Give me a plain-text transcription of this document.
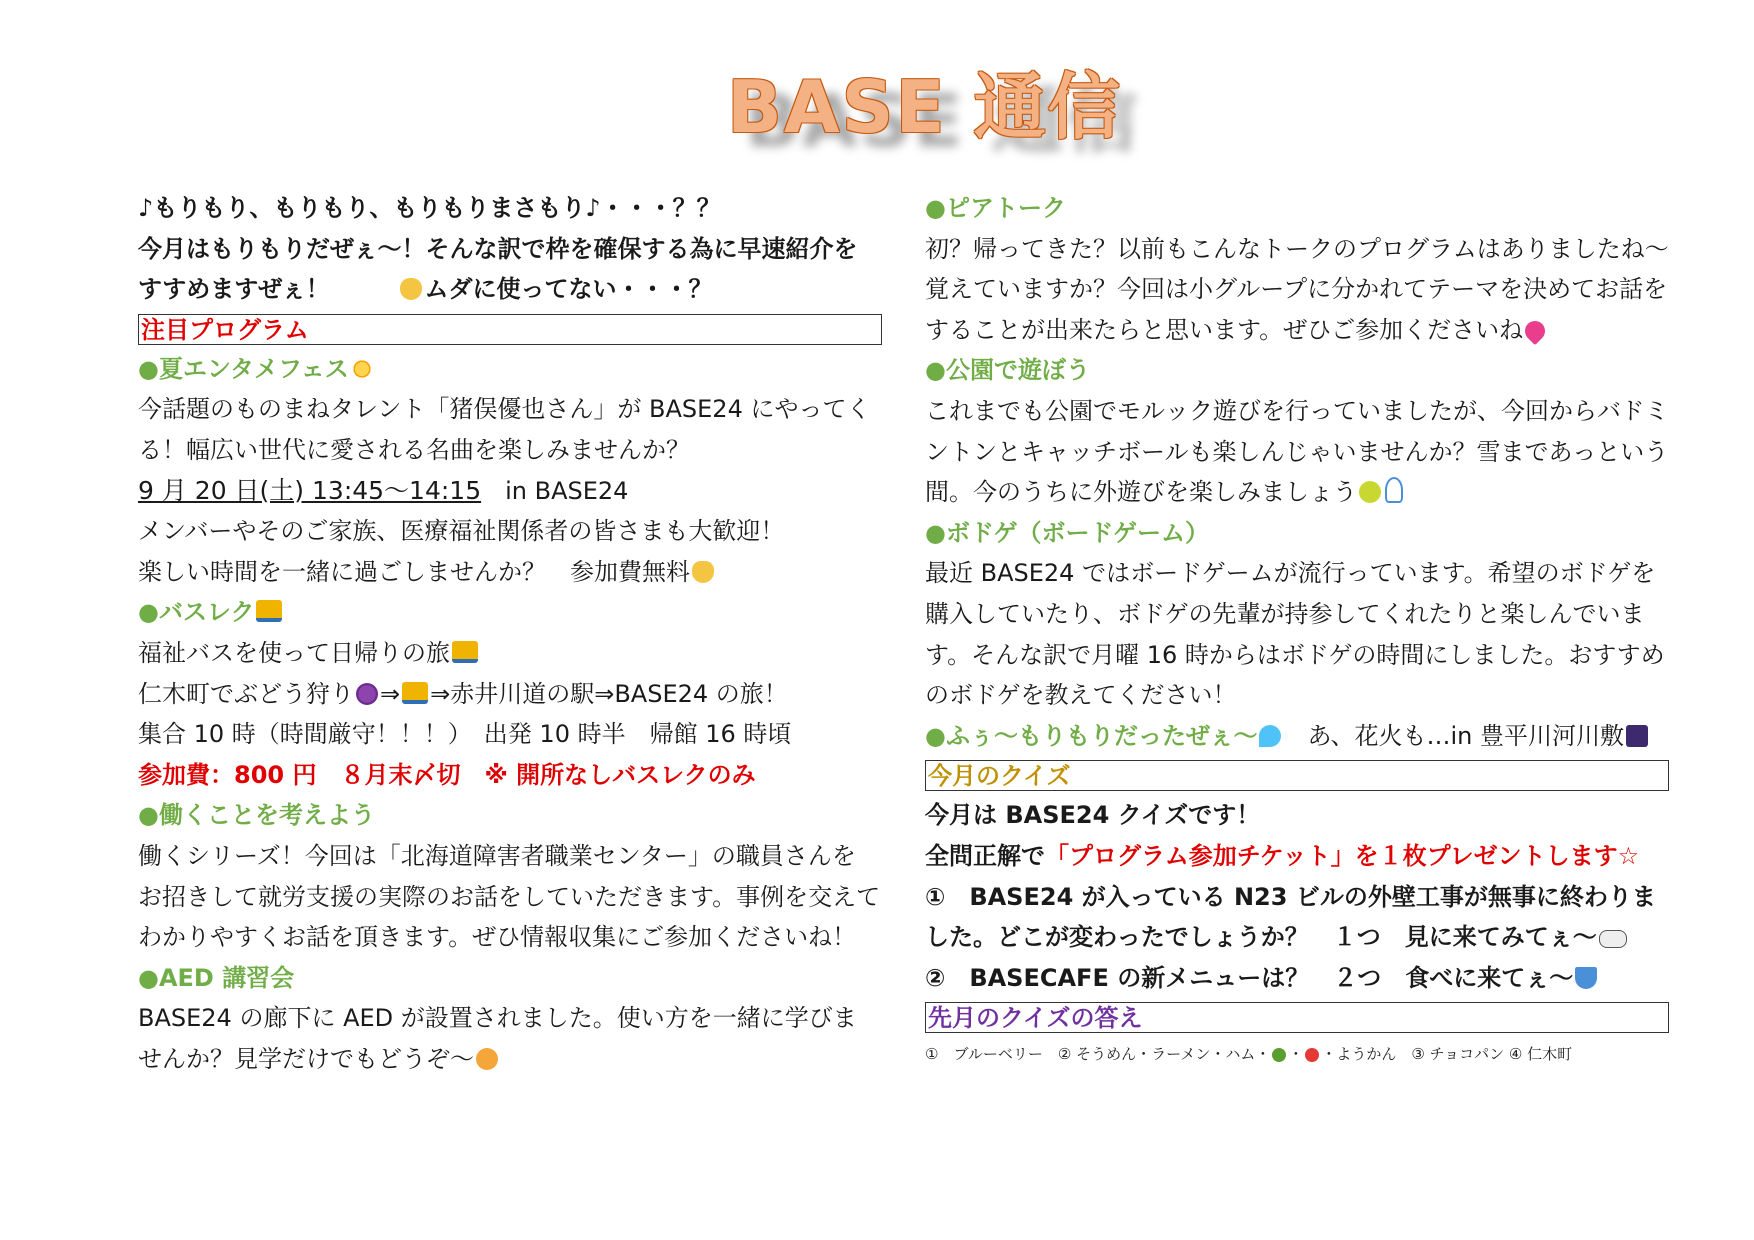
BASE 通信
♪もりもり、もりもり、もりもりまさもり♪・・・？？
今月はもりもりだぜぇ～！そんな訳で枠を確保する為に早速紹介を
すすめますぜぇ！	ムダに使ってない・・・？
注目プログラム
●夏エンタメフェス
今話題のものまねタレント「猪俣優也さん」が BASE24 にやってく
る！幅広い世代に愛される名曲を楽しみませんか？
9 月 20 日(土) 13:45～14:15　 in BASE24
メンバーやそのご家族、医療福祉関係者の皆さまも大歓迎！
楽しい時間を一緒に過ごしませんか？　参加費無料
●バスレク
福祉バスを使って日帰りの旅
仁木町でぶどう狩り ⇒ ⇒赤井川道の駅⇒BASE24 の旅！
集合 10 時（時間厳守！！！）　出発 10 時半　帰館 16 時頃
参加費：800 円　８月末〆切　※ 開所なしバスレクのみ
●働くことを考えよう
働くシリーズ！今回は「北海道障害者職業センター」の職員さんを
お招きして就労支援の実際のお話をしていただきます。事例を交えて
わかりやすくお話を頂きます。ぜひ情報収集にご参加くださいね！
●AED 講習会
BASE24 の廊下に AED が設置されました。使い方を一緒に学びま
せんか？見学だけでもどうぞ～
●ピアトーク
初？帰ってきた？以前もこんなトークのプログラムはありましたね～
覚えていますか？今回は小グループに分かれてテーマを決めてお話を
することが出来たらと思います。ぜひご参加くださいね
●公園で遊ぼう
これまでも公園でモルック遊びを行っていましたが、今回からバドミ
ントンとキャッチボールも楽しんじゃいませんか？雪まであっという
間。今のうちに外遊びを楽しみましょう
●ボドゲ（ボードゲーム）
最近 BASE24 ではボードゲームが流行っています。希望のボドゲを
購入していたり、ボドゲの先輩が持参してくれたりと楽しんでいま
す。そんな訳で月曜 16 時からはボドゲの時間にしました。おすすめ
のボドゲを教えてください！
●ふぅ～もりもりだったぜぇ～　 あ、花火も…in 豊平川河川敷
今月のクイズ
今月は BASE24 クイズです！
全問正解で「プログラム参加チケット」を１枚プレゼントします☆
①　BASE24 が入っている N23 ビルの外壁工事が無事に終わりま
した。どこが変わったでしょうか？　１つ　見に来てみてぇ～
②　BASECAFE の新メニューは？　２つ　食べに来てぇ～
先月のクイズの答え
①　ブルーベリー　② そうめん・ラーメン・ハム・ ・ ・ようかん　③ チョコパン ④ 仁木町
